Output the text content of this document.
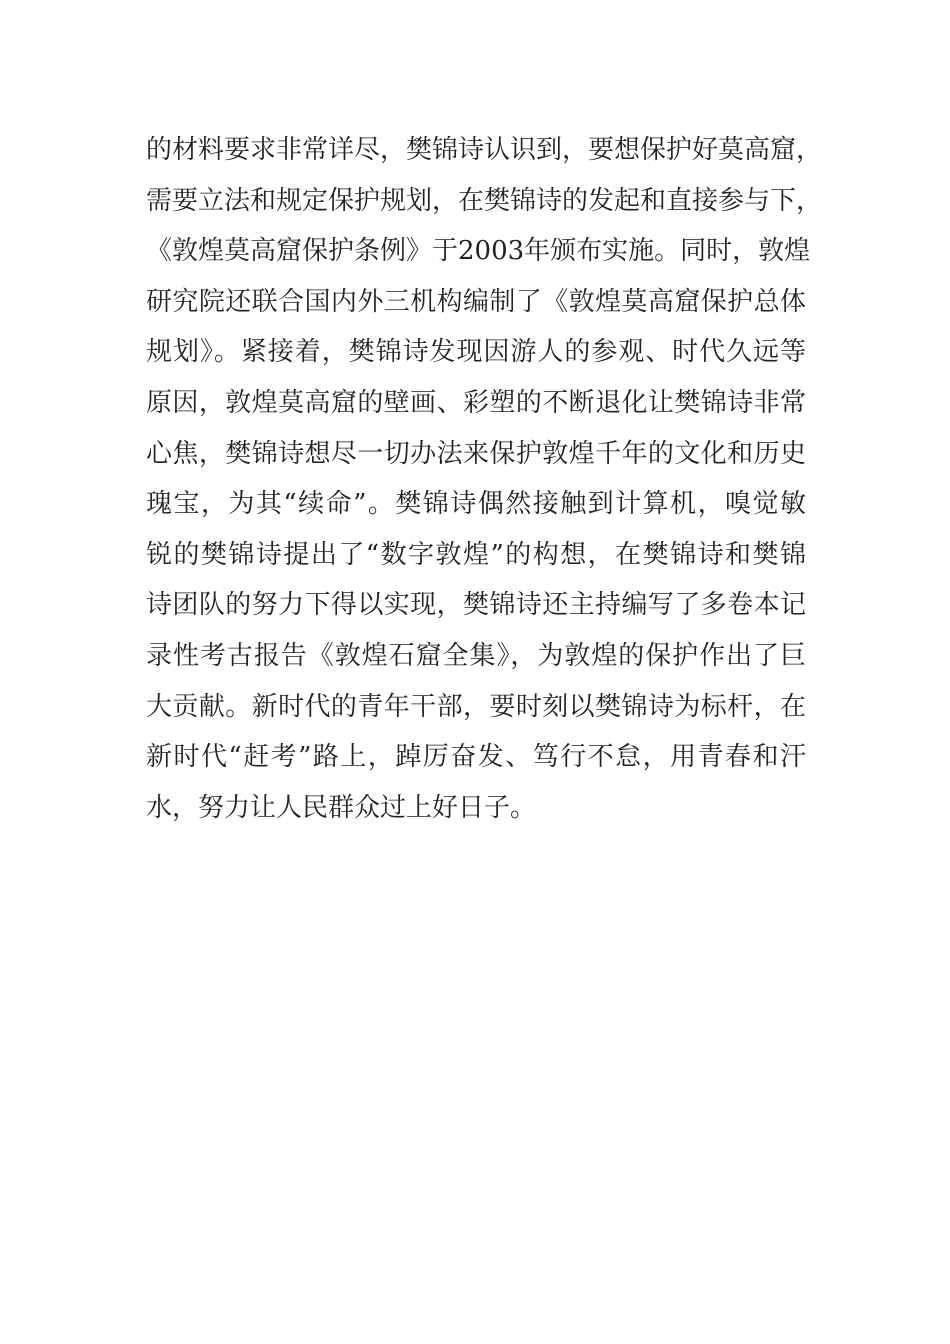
的材料要求非常详尽，樊锦诗认识到，要想保护好莫高窟，
需要立法和规定保护规划，在樊锦诗的发起和直接参与下，
《敦煌莫高窟保护条例》于2003年颁布实施。同时，敦煌
研究院还联合国内外三机构编制了《敦煌莫高窟保护总体
规划》。紧接着，樊锦诗发现因游人的参观、时代久远等
原因，敦煌莫高窟的壁画、彩塑的不断退化让樊锦诗非常
心焦，樊锦诗想尽一切办法来保护敦煌千年的文化和历史
瑰宝，为其“续命”。樊锦诗偶然接触到计算机，嗅觉敏
锐的樊锦诗提出了“数字敦煌”的构想，在樊锦诗和樊锦
诗团队的努力下得以实现，樊锦诗还主持编写了多卷本记
录性考古报告《敦煌石窟全集》，为敦煌的保护作出了巨
大贡献。新时代的青年干部，要时刻以樊锦诗为标杆，在
新时代“赶考”路上，踔厉奋发、笃行不怠，用青春和汗
水，努力让人民群众过上好日子。
